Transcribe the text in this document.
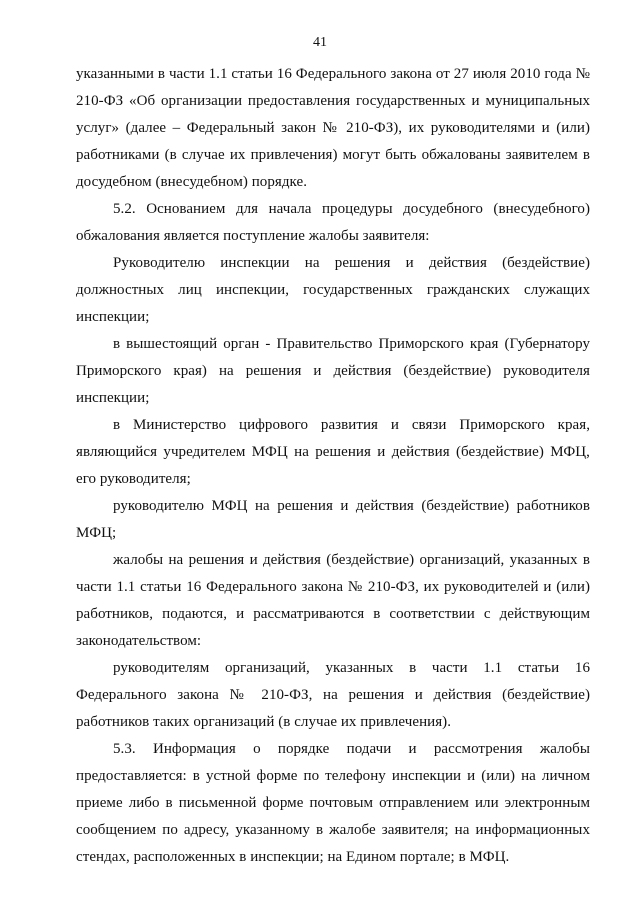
41

указанными в части 1.1 статьи 16 Федерального закона от 27 июля 2010 года № 210-ФЗ «Об организации предоставления государственных и муниципальных услуг» (далее – Федеральный закон № 210-ФЗ), их руководителями и (или) работниками (в случае их привлечения) могут быть обжалованы заявителем в досудебном (внесудебном) порядке.

5.2. Основанием для начала процедуры досудебного (внесудебного) обжалования является поступление жалобы заявителя:

Руководителю инспекции на решения и действия (бездействие) должностных лиц инспекции, государственных гражданских служащих инспекции;

в вышестоящий орган - Правительство Приморского края (Губернатору Приморского края) на решения и действия (бездействие) руководителя инспекции;

в Министерство цифрового развития и связи Приморского края, являющийся учредителем МФЦ на решения и действия (бездействие) МФЦ, его руководителя;

руководителю МФЦ на решения и действия (бездействие) работников МФЦ;

жалобы на решения и действия (бездействие) организаций, указанных в части 1.1 статьи 16 Федерального закона № 210-ФЗ, их руководителей и (или) работников, подаются, и рассматриваются в соответствии с действующим законодательством:

руководителям организаций, указанных в части 1.1 статьи 16 Федерального закона № 210-ФЗ, на решения и действия (бездействие) работников таких организаций (в случае их привлечения).

5.3. Информация о порядке подачи и рассмотрения жалобы предоставляется: в устной форме по телефону инспекции и (или) на личном приеме либо в письменной форме почтовым отправлением или электронным сообщением по адресу, указанному в жалобе заявителя; на информационных стендах, расположенных в инспекции; на Едином портале; в МФЦ.
